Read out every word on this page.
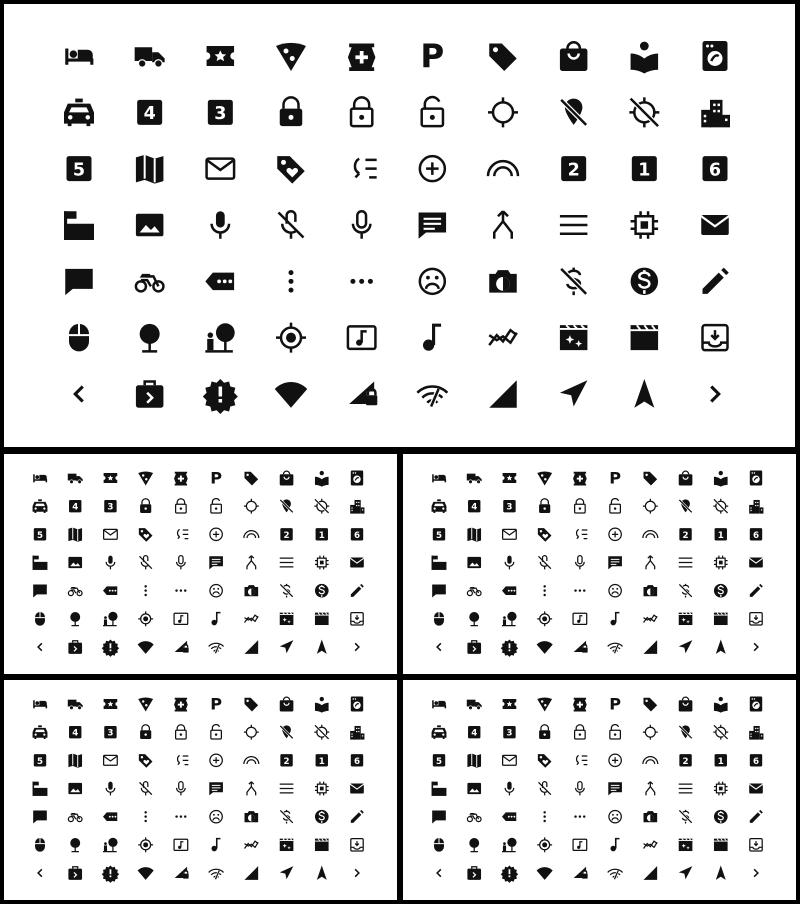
P
4	3
5	2	1	6
P
4 3
5	2 1 6
P
4 3
5	2 1 6
P
4 3
5	2 1 6
P
4 3
5	2 1 6
